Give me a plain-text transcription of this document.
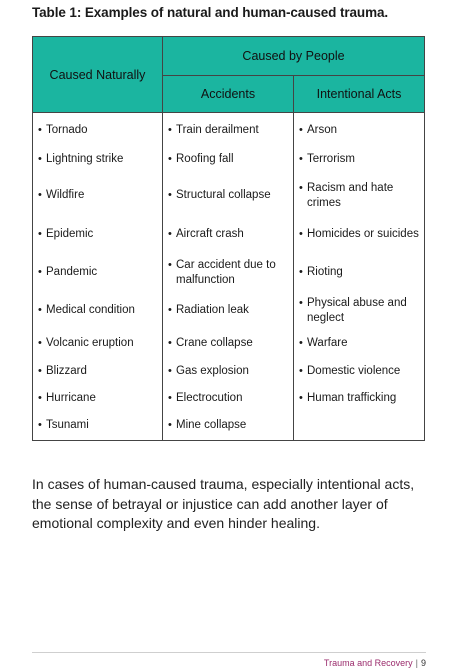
Table 1: Examples of natural and human-caused trauma.
Caused Naturally	Caused by People	
	Accidents	Intentional Acts

• Tornado	• Train derailment	• Arson

• Lightning strike	• Roofing fall	• Terrorism

• Wildfire	• Structural collapse	• Racism and hate crimes

• Epidemic	• Aircraft crash	• Homicides or suicides

• Pandemic	• Car accident due to malfunction	• Rioting

• Medical condition	• Radiation leak	• Physical abuse and neglect

• Volcanic eruption	• Crane collapse	• Warfare

• Blizzard	• Gas explosion	• Domestic violence

• Hurricane	• Electrocution	• Human trafficking

• Tsunami	• Mine collapse	

In cases of human-caused trauma, especially intentional acts, the sense of betrayal or injustice can add another layer of emotional complexity and even hinder healing.

Trauma and Recovery | 9
